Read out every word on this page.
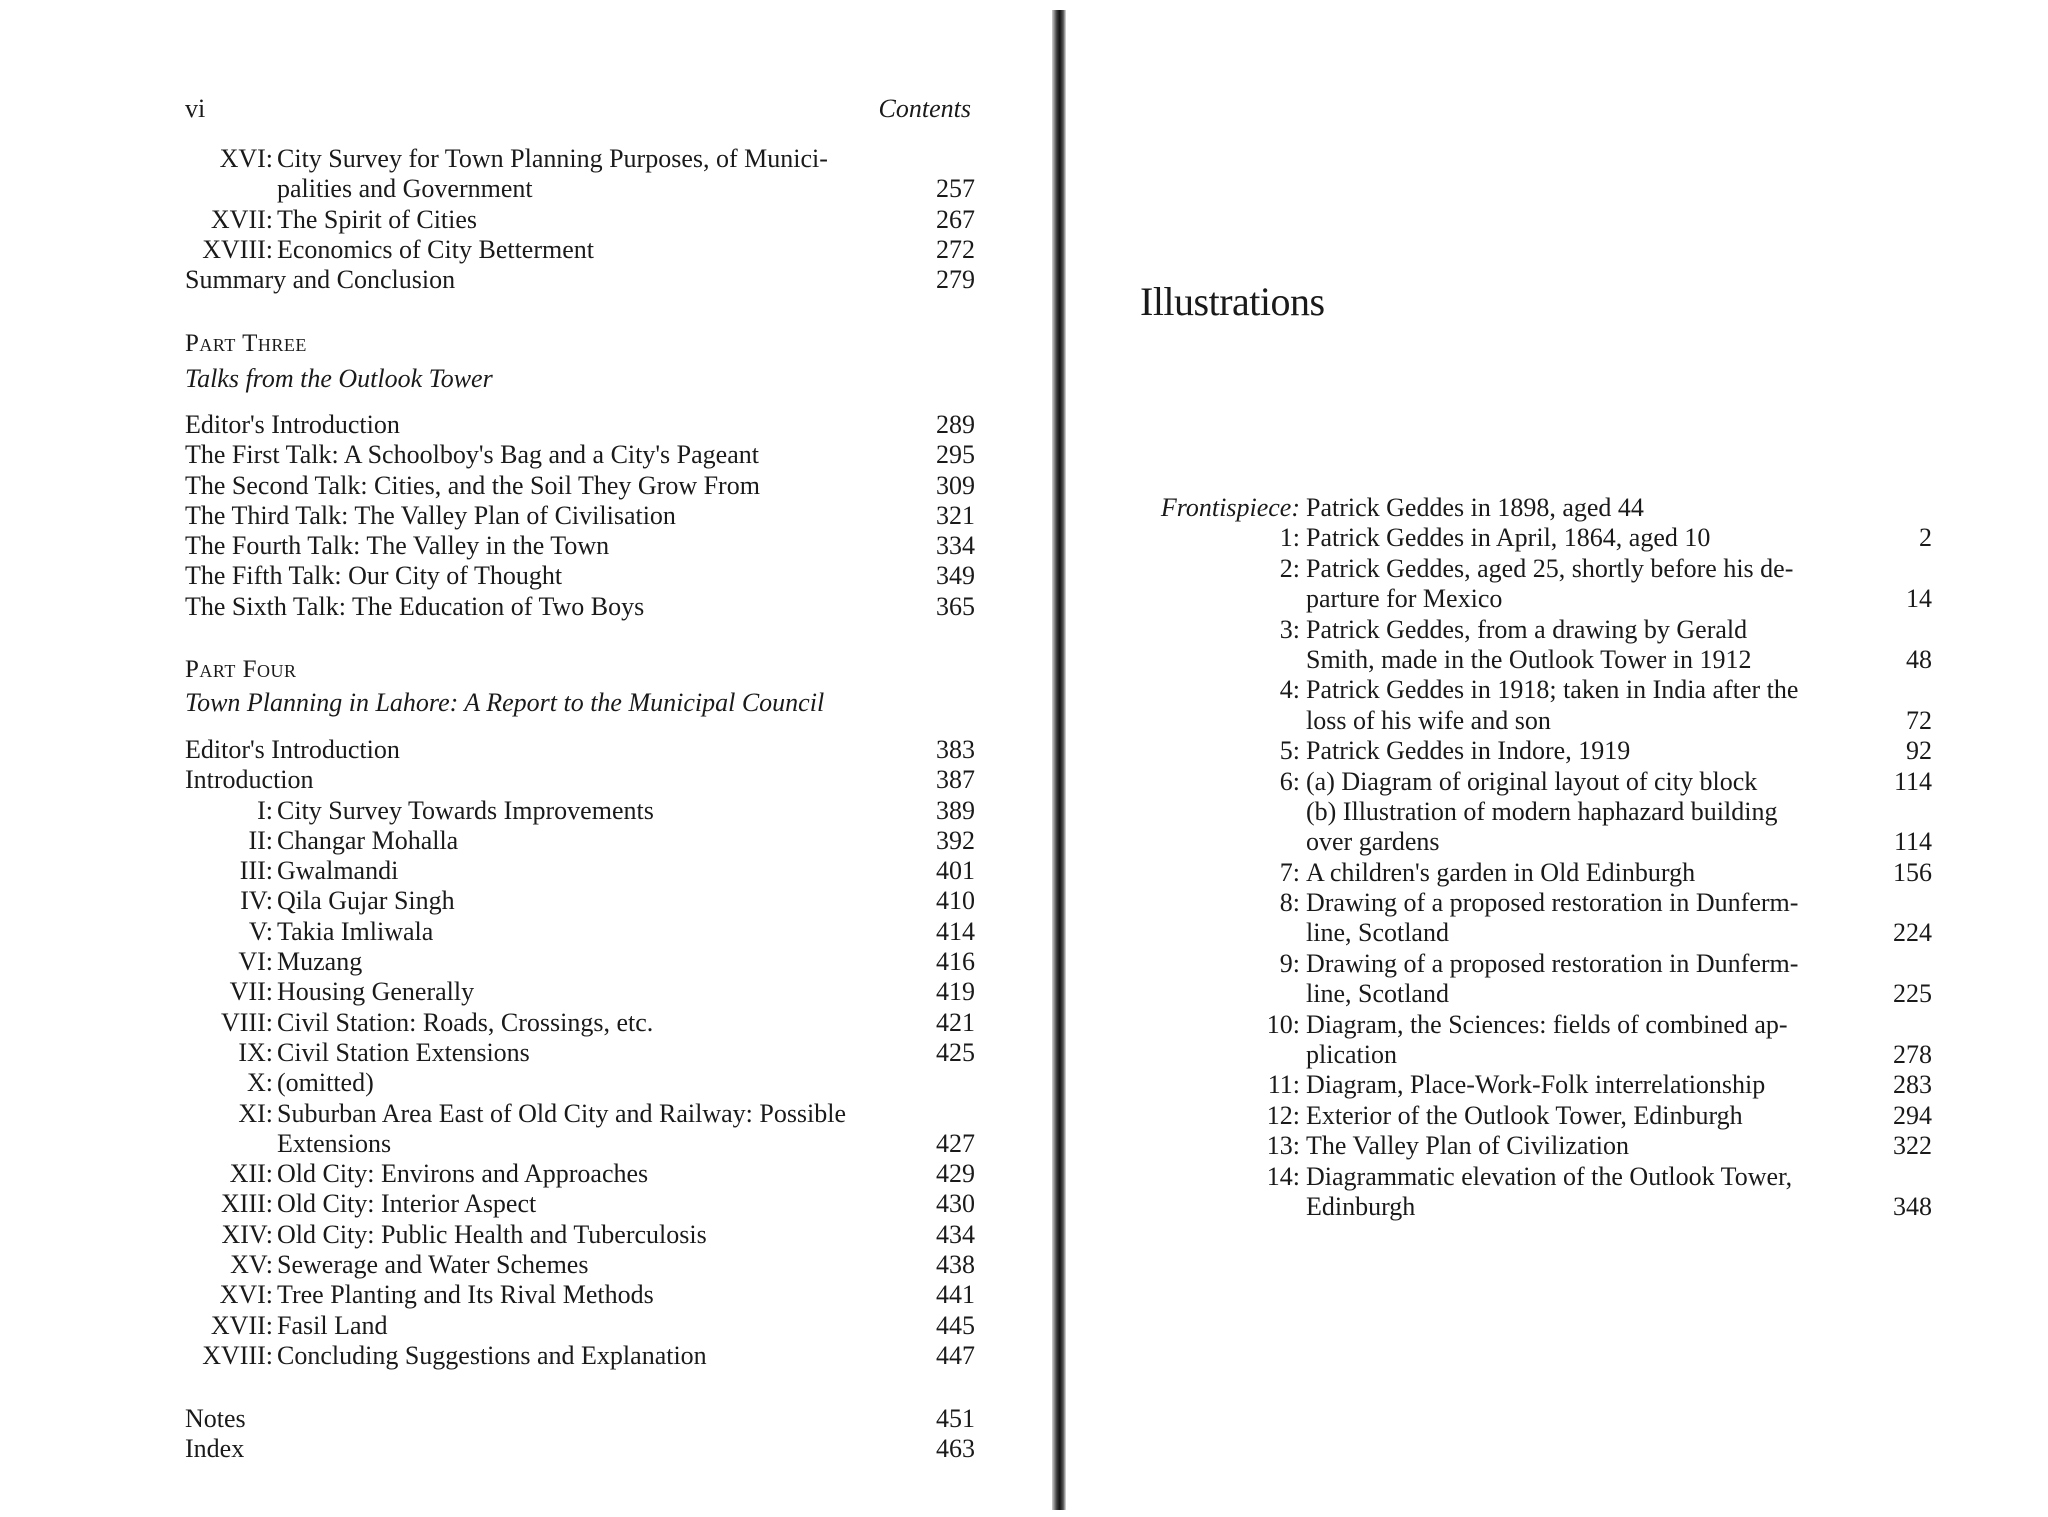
vi	Contents
XVI: City Survey for Town Planning Purposes, of Munici-
palities and Government	257
XVII: The Spirit of Cities	267
XVIII: Economics of City Betterment	272
Summary and Conclusion	279
Part Three
Talks from the Outlook Tower
Editor's Introduction	289
The First Talk: A Schoolboy's Bag and a City's Pageant	295
The Second Talk: Cities, and the Soil They Grow From	309
The Third Talk: The Valley Plan of Civilisation	321
The Fourth Talk: The Valley in the Town	334
The Fifth Talk: Our City of Thought	349
The Sixth Talk: The Education of Two Boys	365
Part Four
Town Planning in Lahore: A Report to the Municipal Council
Editor's Introduction	383
Introduction	387
I: City Survey Towards Improvements	389
II: Changar Mohalla	392
III: Gwalmandi	401
IV: Qila Gujar Singh	410
V: Takia Imliwala	414
VI: Muzang	416
VII: Housing Generally	419
VIII: Civil Station: Roads, Crossings, etc.	421
IX: Civil Station Extensions	425
X: (omitted)
XI: Suburban Area East of Old City and Railway: Possible
Extensions	427
XII: Old City: Environs and Approaches	429
XIII: Old City: Interior Aspect	430
XIV: Old City: Public Health and Tuberculosis	434
XV: Sewerage and Water Schemes	438
XVI: Tree Planting and Its Rival Methods	441
XVII: Fasil Land	445
XVIII: Concluding Suggestions and Explanation	447
Notes	451
Index	463
Illustrations
Frontispiece: Patrick Geddes in 1898, aged 44
1: Patrick Geddes in April, 1864, aged 10	2
2: Patrick Geddes, aged 25, shortly before his de-
parture for Mexico	14
3: Patrick Geddes, from a drawing by Gerald
Smith, made in the Outlook Tower in 1912	48
4: Patrick Geddes in 1918; taken in India after the
loss of his wife and son	72
5: Patrick Geddes in Indore, 1919	92
6: (a) Diagram of original layout of city block	114
(b) Illustration of modern haphazard building
over gardens	114
7: A children's garden in Old Edinburgh	156
8: Drawing of a proposed restoration in Dunferm-
line, Scotland	224
9: Drawing of a proposed restoration in Dunferm-
line, Scotland	225
10: Diagram, the Sciences: fields of combined ap-
plication	278
11: Diagram, Place-Work-Folk interrelationship	283
12: Exterior of the Outlook Tower, Edinburgh	294
13: The Valley Plan of Civilization	322
14: Diagrammatic elevation of the Outlook Tower,
Edinburgh	348
